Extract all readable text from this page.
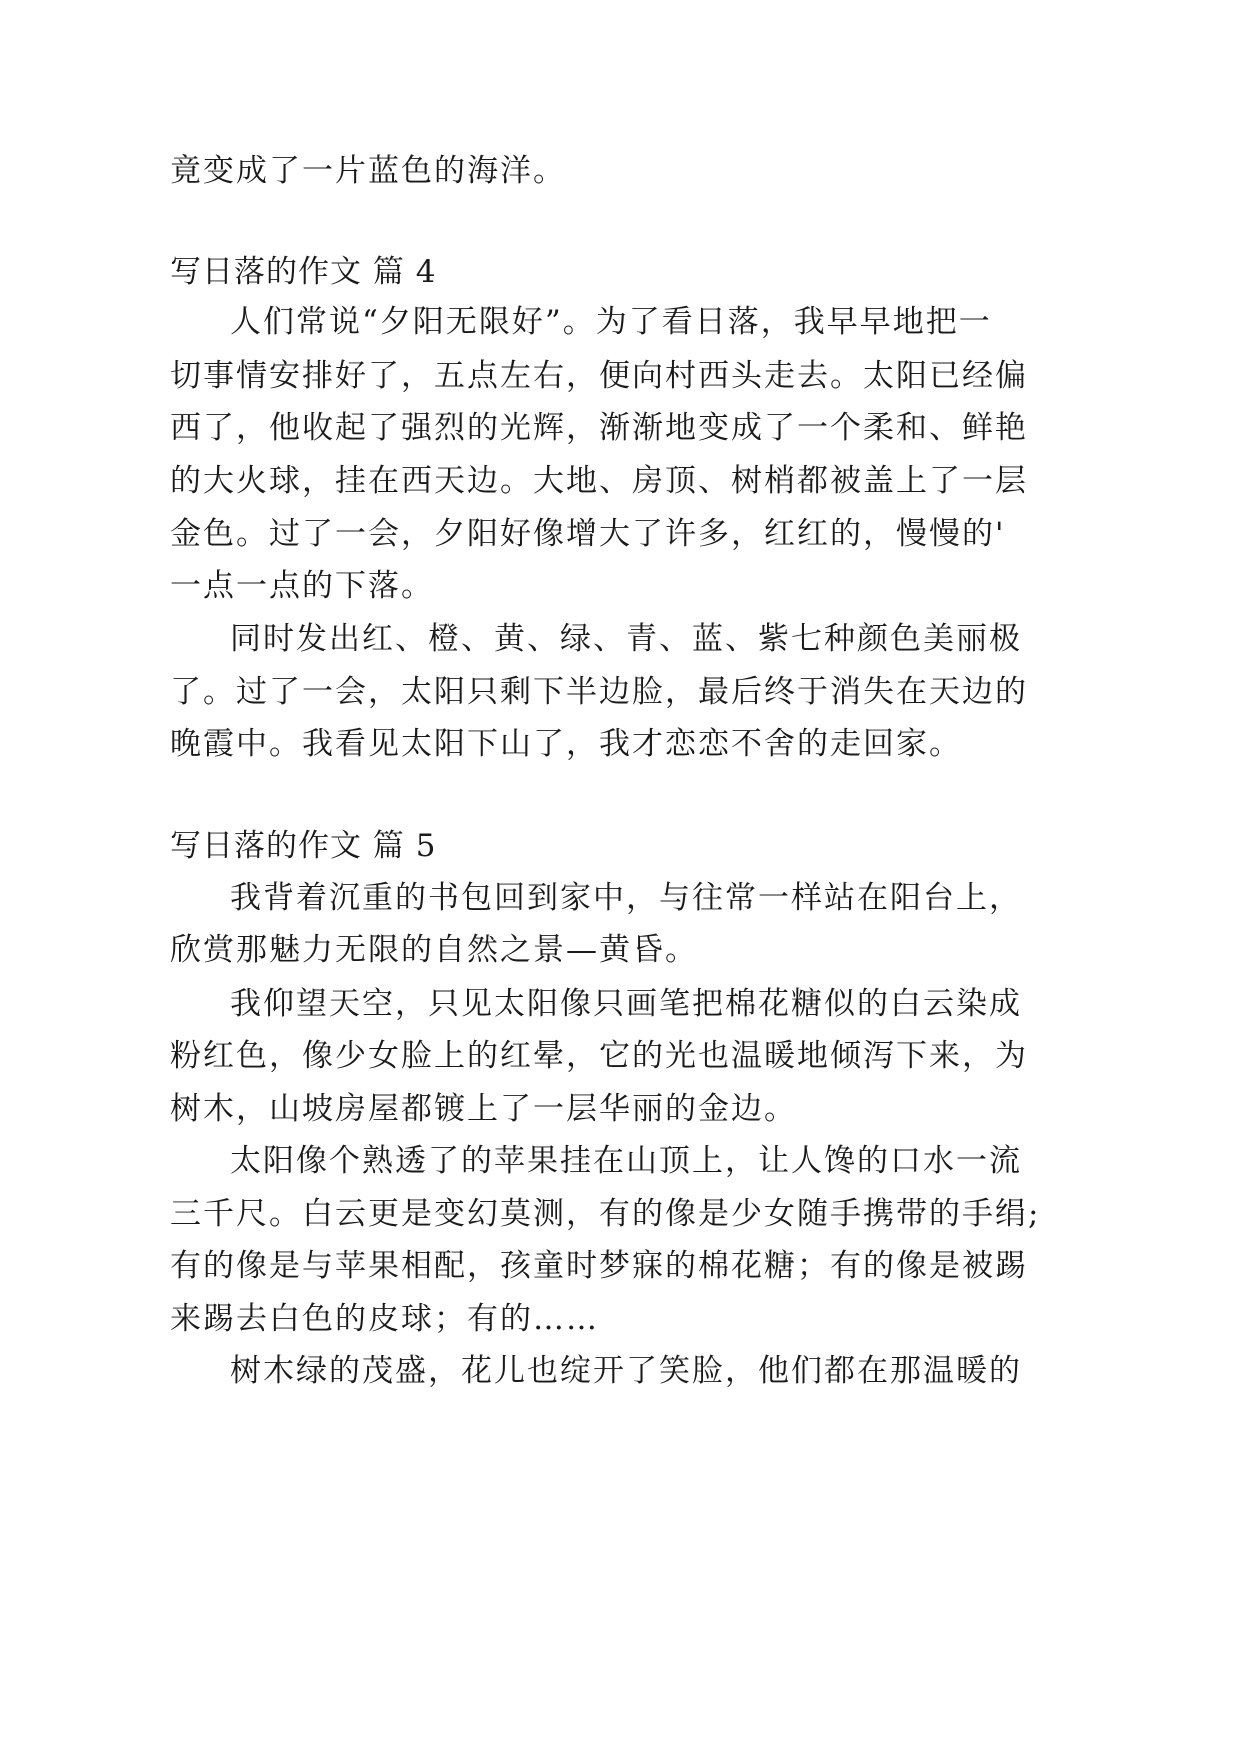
竟变成了一片蓝色的海洋。
写日落的作文 篇 4
人们常说“夕阳无限好”。为了看日落，我早早地把一
切事情安排好了，五点左右，便向村西头走去。太阳已经偏
西了，他收起了强烈的光辉，渐渐地变成了一个柔和、鲜艳
的大火球，挂在西天边。大地、房顶、树梢都被盖上了一层
金色。过了一会，夕阳好像增大了许多，红红的，慢慢的'
一点一点的下落。
同时发出红、橙、黄、绿、青、蓝、紫七种颜色美丽极
了。过了一会，太阳只剩下半边脸，最后终于消失在天边的
晚霞中。我看见太阳下山了，我才恋恋不舍的走回家。
写日落的作文 篇 5
我背着沉重的书包回到家中，与往常一样站在阳台上，
欣赏那魅力无限的自然之景—黄昏。
我仰望天空，只见太阳像只画笔把棉花糖似的白云染成
粉红色，像少女脸上的红晕，它的光也温暖地倾泻下来，为
树木，山坡房屋都镀上了一层华丽的金边。
太阳像个熟透了的苹果挂在山顶上，让人馋的口水一流
三千尺。白云更是变幻莫测，有的像是少女随手携带的手绢;
有的像是与苹果相配，孩童时梦寐的棉花糖；有的像是被踢
来踢去白色的皮球；有的……
树木绿的茂盛，花儿也绽开了笑脸，他们都在那温暖的
